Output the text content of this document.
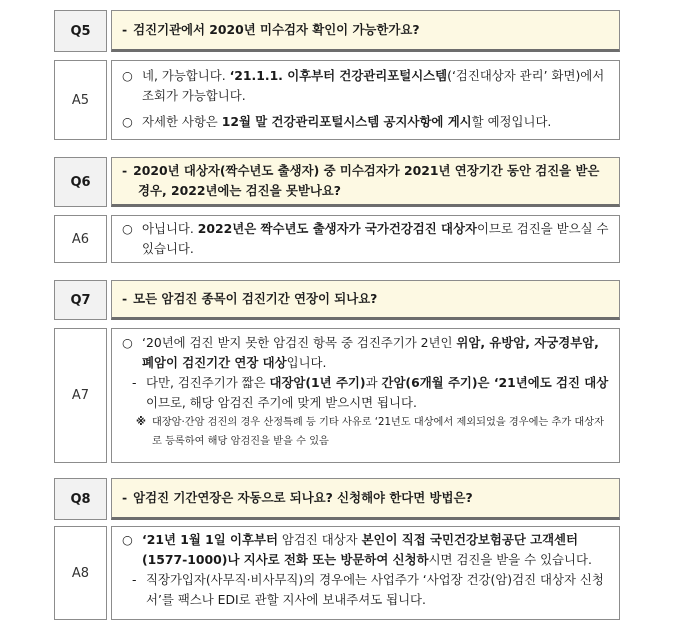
Q5	- 검진기관에서 2020년 미수검자 확인이 가능한가요?
A5
○ 네, 가능합니다. ‘21.1.1. 이후부터 건강관리포털시스템(‘검진대상자 관리’ 화면)에서 조회가 가능합니다.
○ 자세한 사항은 12월 말 건강관리포털시스템 공지사항에 게시할 예정입니다.
Q6
- 2020년 대상자(짝수년도 출생자) 중 미수검자가 2021년 연장기간 동안 검진을 받은 경우, 2022년에는 검진을 못받나요?
A6
○ 아닙니다. 2022년은 짝수년도 출생자가 국가건강검진 대상자이므로 검진을 받으실 수 있습니다.
Q7	- 모든 암검진 종목이 검진기간 연장이 되나요?
A7
○ ‘20년에 검진 받지 못한 암검진 항목 중 검진주기가 2년인 위암, 유방암, 자궁경부암, 폐암이 검진기간 연장 대상입니다.
- 다만, 검진주기가 짧은 대장암(1년 주기)과 간암(6개월 주기)은 ‘21년에도 검진 대상이므로, 해당 암검진 주기에 맞게 받으시면 됩니다.
※ 대장암·간암 검진의 경우 산정특례 등 기타 사유로 ‘21년도 대상에서 제외되었을 경우에는 추가 대상자로 등록하여 해당 암검진을 받을 수 있음
Q8	- 암검진 기간연장은 자동으로 되나요? 신청해야 한다면 방법은?
A8
○ ‘21년 1월 1일 이후부터 암검진 대상자 본인이 직접 국민건강보험공단 고객센터(1577-1000)나 지사로 전화 또는 방문하여 신청하시면 검진을 받을 수 있습니다.
- 직장가입자(사무직·비사무직)의 경우에는 사업주가 ‘사업장 건강(암)검진 대상자 신청서’를 팩스나 EDI로 관할 지사에 보내주셔도 됩니다.
